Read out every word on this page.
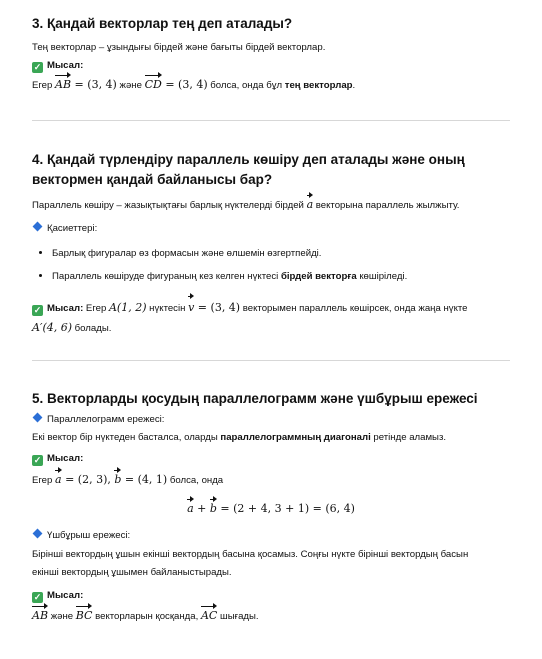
3. Қандай векторлар тең деп аталады?

Тең векторлар – ұзындығы бірдей және бағыты бірдей векторлар.

✓ Мысал:

Егер AB = (3, 4) және CD = (3, 4) болса, онда бұл тең векторлар.

4. Қандай түрлендіру параллель көшіру деп аталады және оның
вектормен қандай байланысы бар?

Параллель көшіру – жазықтықтағы барлық нүктелерді бірдей a векторына параллель жылжыту.

Қасиеттері:

• Барлық фигуралар өз формасын және өлшемін өзгертпейді.
• Параллель көшіруде фигураның кез келген нүктесі бірдей векторға көшіріледі.

✓ Мысал: Егер A(1, 2) нүктесін v = (3, 4) векторымен параллель көшірсек, онда жаңа нүкте
A′(4, 6) болады.

5. Векторларды қосудың параллелограмм және үшбұрыш ережесі

Параллелограмм ережесі:

Екі вектор бір нүктеден басталса, оларды параллелограммның диагоналі ретінде аламыз.

✓ Мысал:

Егер a = (2, 3), b = (4, 1) болса, онда

a + b = (2 + 4, 3 + 1) = (6, 4)

Үшбұрыш ережесі:

Бірінші вектордың ұшын екінші вектордың басына қосамыз. Соңғы нүкте бірінші вектордың басын
екінші вектордың ұшымен байланыстырады.

✓ Мысал:

AB және BC векторларын қосқанда, AC шығады.
